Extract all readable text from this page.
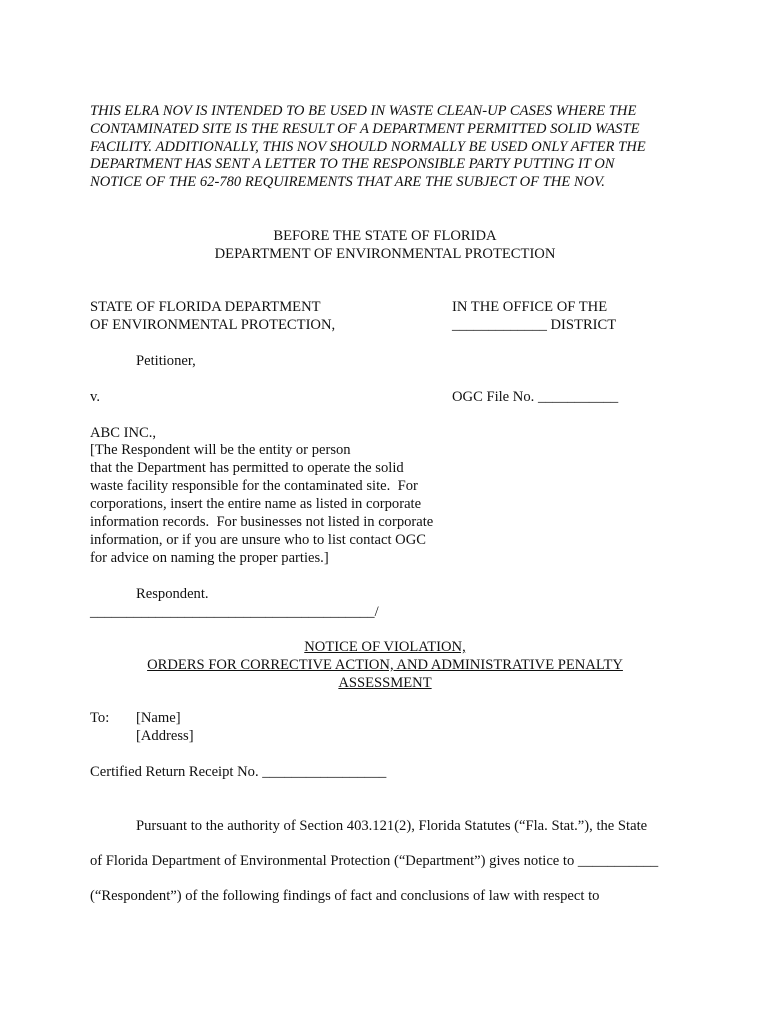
THIS ELRA NOV IS INTENDED TO BE USED IN WASTE CLEAN-UP CASES WHERE THE
CONTAMINATED SITE IS THE RESULT OF A DEPARTMENT PERMITTED SOLID WASTE
FACILITY. ADDITIONALLY, THIS NOV SHOULD NORMALLY BE USED ONLY AFTER THE
DEPARTMENT HAS SENT A LETTER TO THE RESPONSIBLE PARTY PUTTING IT ON
NOTICE OF THE 62-780 REQUIREMENTS THAT ARE THE SUBJECT OF THE NOV.
BEFORE THE STATE OF FLORIDA
DEPARTMENT OF ENVIRONMENTAL PROTECTION
STATE OF FLORIDA DEPARTMENT
OF ENVIRONMENTAL PROTECTION,
IN THE OFFICE OF THE
_____________ DISTRICT
Petitioner,
v.	OGC File No. ___________
ABC INC.,
[The Respondent will be the entity or person
that the Department has permitted to operate the solid
waste facility responsible for the contaminated site.  For
corporations, insert the entire name as listed in corporate
information records.  For businesses not listed in corporate
information, or if you are unsure who to list contact OGC
for advice on naming the proper parties.]
Respondent.
_______________________________________/
NOTICE OF VIOLATION,
ORDERS FOR CORRECTIVE ACTION, AND ADMINISTRATIVE PENALTY
ASSESSMENT
To: [Name]
[Address]
Certified Return Receipt No. _________________
Pursuant to the authority of Section 403.121(2), Florida Statutes (“Fla. Stat.”), the State
of Florida Department of Environmental Protection (“Department”) gives notice to ___________
(“Respondent”) of the following findings of fact and conclusions of law with respect to
